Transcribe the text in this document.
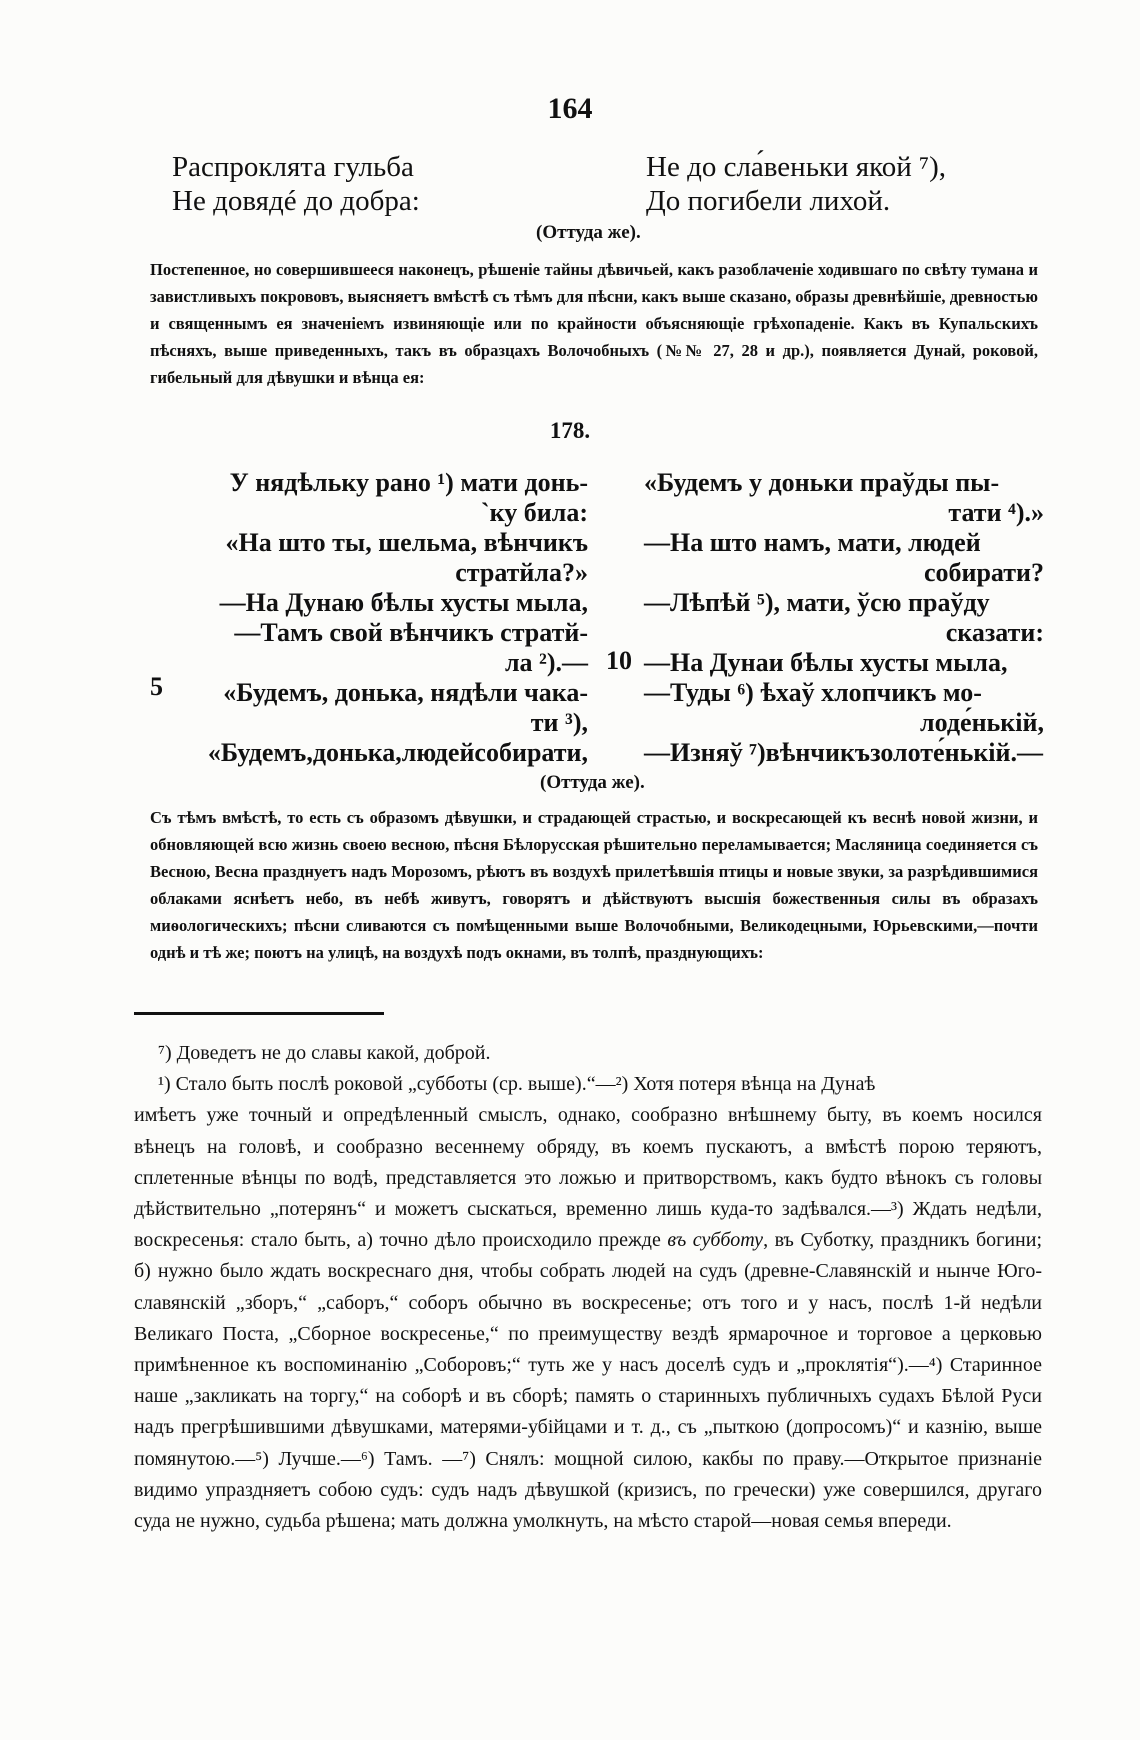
164
Распроклята гульба
Не довядé до добра:
Не до сла́веньки якой ⁷),
До погибели лихой.
(Оттуда же).
Постепенное, но совершившееся наконецъ, рѣшеніе тайны дѣвичьей, какъ разоблаченіе ходившаго по свѣту тумана и завистливыхъ покрововъ, выясняетъ вмѣстѣ съ тѣмъ для пѣсни, какъ выше сказано, образы древнѣйшіе, древностью и священнымъ ея значеніемъ извиняющіе или по крайности объясняющіе грѣхопаденіе. Какъ въ Купальскихъ пѣсняхъ, выше приведенныхъ, такъ въ образцахъ Волочобныхъ (№№ 27, 28 и др.), появляется Дунай, роковой, гибельный для дѣвушки и вѣнца ея:
178.
У нядѣльку рано ¹) мати донь-
`ку била:
«На што ты, шельма, вѣнчикъ
стратйла?»
—На Дунаю бѣлы хусты мыла,
—Тамъ свой вѣнчикъ стратй-
ла ²).—
«Будемъ, донька, нядѣли чака-
ти ³),
«Будемъ,донька,людейсобирати,
5
«Будемъ у доньки праўды пы-
тати ⁴).»
—На што намъ, мати, людей
собирати?
—Лѣпѣй ⁵), мати, ўсю праўду
сказати:
—На Дунаи бѣлы хусты мыла,
—Туды ⁶) ѣхаў хлопчикъ мо-
лоде́нькій,
—Изняў ⁷)вѣнчикъзолоте́нькій.—
10
(Оттуда же).
Съ тѣмъ вмѣстѣ, то есть съ образомъ дѣвушки, и страдающей страстью, и воскресающей къ веснѣ новой жизни, и обновляющей всю жизнь своею весною, пѣсня Бѣлорусская рѣшительно переламывается; Масляница соединяется съ Весною, Весна празднуетъ надъ Морозомъ, рѣютъ въ воздухѣ прилетѣвшія птицы и новые звуки, за разрѣдившимися облаками яснѣетъ небо, въ небѣ живутъ, говорятъ и дѣйствуютъ высшія божественныя силы въ образахъ миѳологическихъ; пѣсни сливаются съ помѣщенными выше Волочобными, Великодецными, Юрьевскими,—почти однѣ и тѣ же; поютъ на улицѣ, на воздухѣ подъ окнами, въ толпѣ, празднующихъ:

⁷) Доведетъ не до славы какой, доброй.

¹) Стало быть послѣ роковой „субботы (ср. выше).“—²) Хотя потеря вѣнца на Дунаѣ

имѣетъ уже точный и опредѣленный смыслъ, однако, сообразно внѣшнему быту, въ коемъ носился вѣнецъ на головѣ, и сообразно весеннему обряду, въ коемъ пускаютъ, а вмѣстѣ порою теряютъ, сплетенные вѣнцы по водѣ, представляется это ложью и притворствомъ, какъ будто вѣнокъ съ головы дѣйствительно „потерянъ“ и можетъ сыскаться, временно лишь куда-то задѣвался.—³) Ждать недѣли, воскресенья: стало быть, а) точно дѣло происходило прежде въ субботу, въ Суботку, праздникъ богини; б) нужно было ждать воскреснаго дня, чтобы собрать людей на судъ (древне-Славянскій и нынче Юго-славянскій „зборъ,“ „саборъ,“ соборъ обычно въ воскресенье; отъ того и у насъ, послѣ 1-й недѣли Великаго Поста, „Сборное воскресенье,“ по преимуществу вездѣ ярмарочное и торговое а церковью примѣненное къ воспоминанію „Соборовъ;“ туть же у насъ доселѣ судъ и „проклятія“).—⁴) Старинное наше „закликать на торгу,“ на соборѣ и въ сборѣ; память о старинныхъ публичныхъ судахъ Бѣлой Руси надъ прегрѣшившими дѣвушками, матерями-убійцами и т. д., съ „пыткою (допросомъ)“ и казнію, выше помянутою.—⁵) Лучше.—⁶) Тамъ. —⁷) Снялъ: мощной силою, какбы по праву.—Открытое признаніе видимо упраздняетъ собою судъ: судъ надъ дѣвушкой (кризисъ, по гречески) уже совершился, другаго суда не нужно, судьба рѣшена; мать должна умолкнуть, на мѣсто старой—новая семья впереди.
